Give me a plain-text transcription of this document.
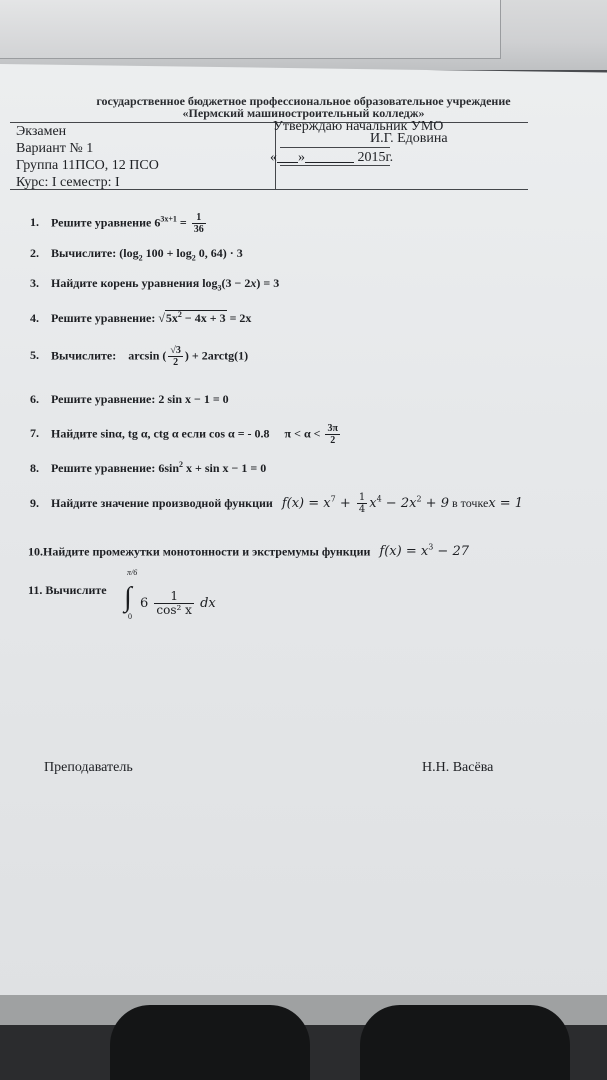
государственное бюджетное профессиональное образовательное учреждение
«Пермский машиностроительный колледж»
Экзамен
Вариант № 1
Группа 11ПСО, 12 ПСО
Курс: I семестр: I
Утверждаю начальник УМО
И.Г. Едовина
« »	2015г.
1. Решите уравнение $6^{3x+1} = \frac{1}{36}$
2. Вычислите: ($\log_2$ $100 + \log_2 0$, 64) · 3
3. Найдите корень уравнения $\log_3(3 - 2x) = 3$
4. Решите уравнение: $√5x^2 - 4x + 3 = 2x$
5. Вычислите: arcsin ( $\frac{√3}{2}$ ) + 2arctg(1)
6. Решите уравнение: 2 sin x − 1 = 0
7. Найдите sinα, tg α, ctg α если cos α = - 0.8 $\pi < \alpha < \frac{3\pi}{2}$
8. Решите уравнение: $6\sin^2$ x + sin x − 1 = 0
9. Найдите значение производной функции $f(x) = x^7 + \frac{1}{4} x^4 - 2x^2 + 9$ в точкеx = 1
10.Найдите промежутки монотонности и экстремумы функции $f(x) = x^3 - 27$
11. Вычислите
π/6
0
∫ $6 \frac{1}{\text{cos² x}}$ dx
Преподаватель	Н.Н. Васёва
